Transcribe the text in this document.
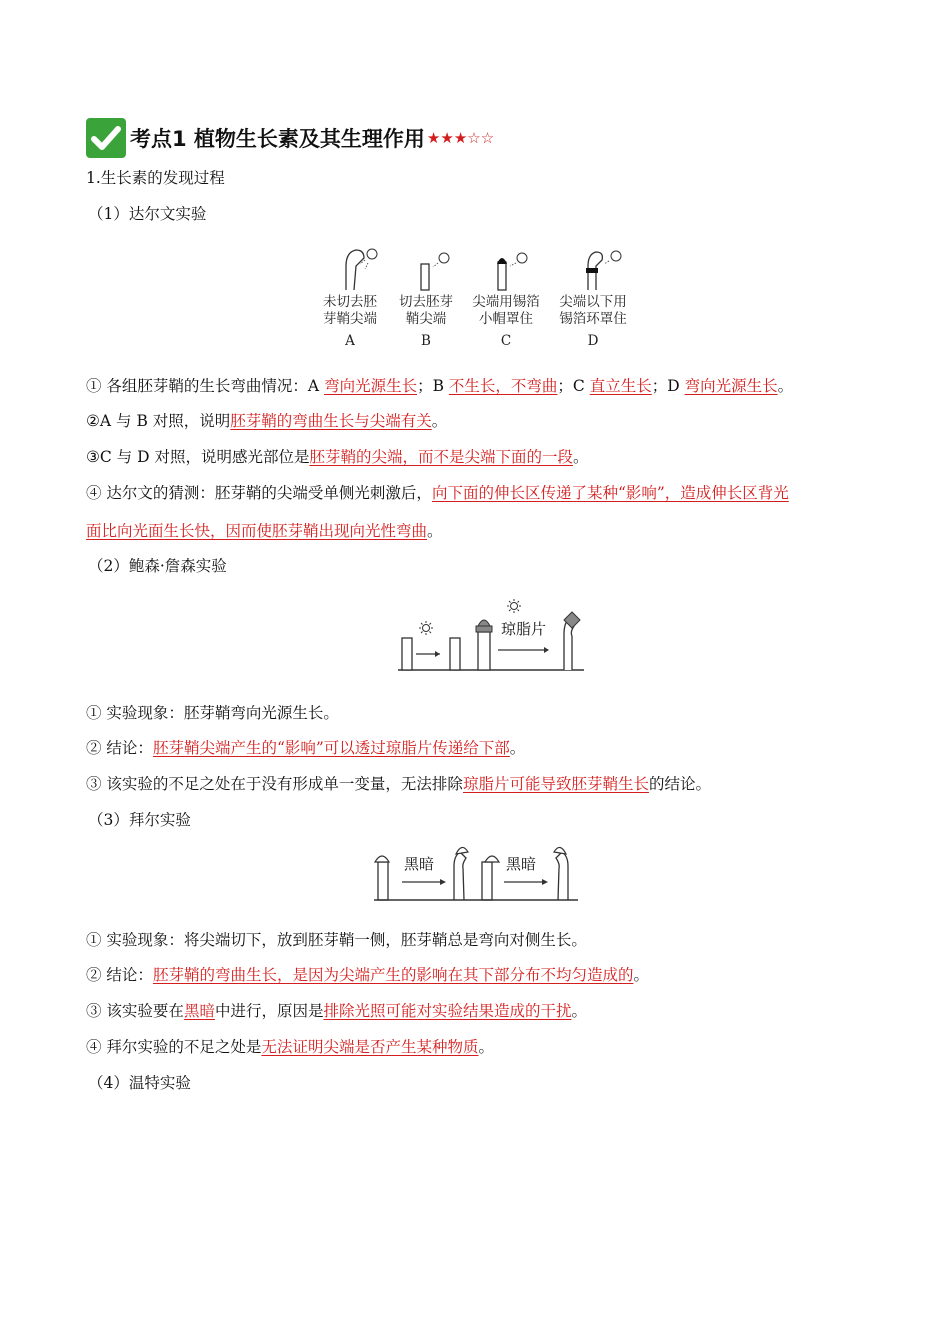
考点1 植物生长素及其生理作用 ★★★☆☆
1.生长素的发现过程
（1）达尔文实验
未切去胚
芽鞘尖端
A
切去胚芽
鞘尖端
B
尖端用锡箔
小帽罩住
C
尖端以下用
锡箔环罩住
D
① 各组胚芽鞘的生长弯曲情况：A 弯向光源生长；B 不生长，不弯曲；C 直立生长；D 弯向光源生长。
②A 与 B 对照，说明胚芽鞘的弯曲生长与尖端有关。
③C 与 D 对照，说明感光部位是胚芽鞘的尖端，而不是尖端下面的一段。
④ 达尔文的猜测：胚芽鞘的尖端受单侧光刺激后，向下面的伸长区传递了某种“影响”，造成伸长区背光
面比向光面生长快，因而使胚芽鞘出现向光性弯曲。
（2）鲍森·詹森实验
琼脂片
① 实验现象：胚芽鞘弯向光源生长。
② 结论：胚芽鞘尖端产生的“影响”可以透过琼脂片传递给下部。
③ 该实验的不足之处在于没有形成单一变量，无法排除琼脂片可能导致胚芽鞘生长的结论。
（3）拜尔实验
黑暗	黑暗
① 实验现象：将尖端切下，放到胚芽鞘一侧，胚芽鞘总是弯向对侧生长。
② 结论：胚芽鞘的弯曲生长，是因为尖端产生的影响在其下部分布不均匀造成的。
③ 该实验要在黑暗中进行，原因是排除光照可能对实验结果造成的干扰。
④ 拜尔实验的不足之处是无法证明尖端是否产生某种物质。
（4）温特实验
